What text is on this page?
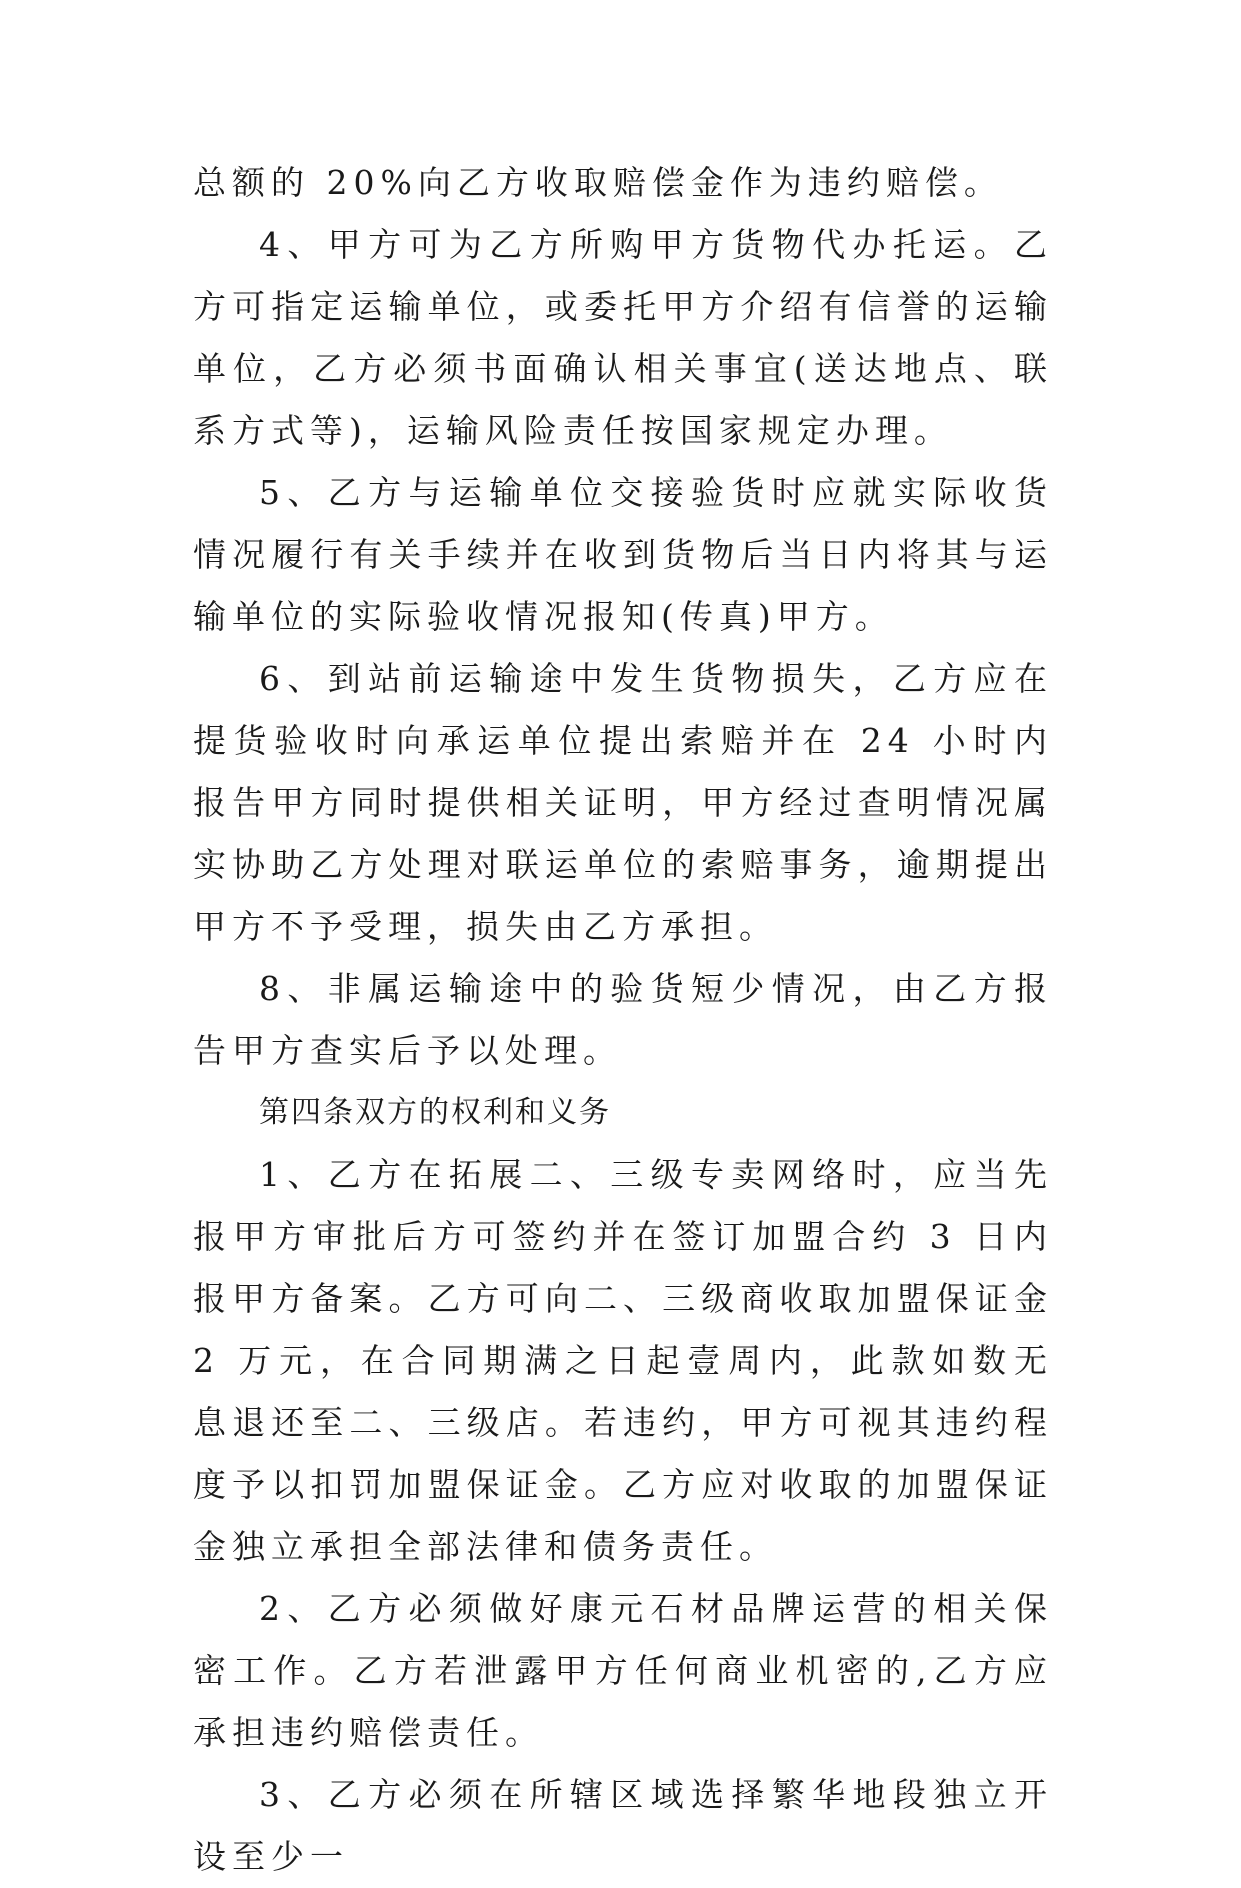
总额的 20%向乙方收取赔偿金作为违约赔偿。

4、甲方可为乙方所购甲方货物代办托运。乙方可指定运输单位，或委托甲方介绍有信誉的运输单位，乙方必须书面确认相关事宜(送达地点、联系方式等)，运输风险责任按国家规定办理。

5、乙方与运输单位交接验货时应就实际收货情况履行有关手续并在收到货物后当日内将其与运输单位的实际验收情况报知(传真)甲方。

6、到站前运输途中发生货物损失，乙方应在提货验收时向承运单位提出索赔并在 24 小时内报告甲方同时提供相关证明，甲方经过查明情况属实协助乙方处理对联运单位的索赔事务，逾期提出甲方不予受理，损失由乙方承担。

8、非属运输途中的验货短少情况，由乙方报告甲方查实后予以处理。

第四条双方的权利和义务

1、乙方在拓展二、三级专卖网络时，应当先报甲方审批后方可签约并在签订加盟合约 3 日内报甲方备案。乙方可向二、三级商收取加盟保证金 2 万元，在合同期满之日起壹周内，此款如数无息退还至二、三级店。若违约，甲方可视其违约程度予以扣罚加盟保证金。乙方应对收取的加盟保证金独立承担全部法律和债务责任。

2、乙方必须做好康元石材品牌运营的相关保密工作。乙方若泄露甲方任何商业机密的,乙方应承担违约赔偿责任。

3、乙方必须在所辖区域选择繁华地段独立开设至少一
